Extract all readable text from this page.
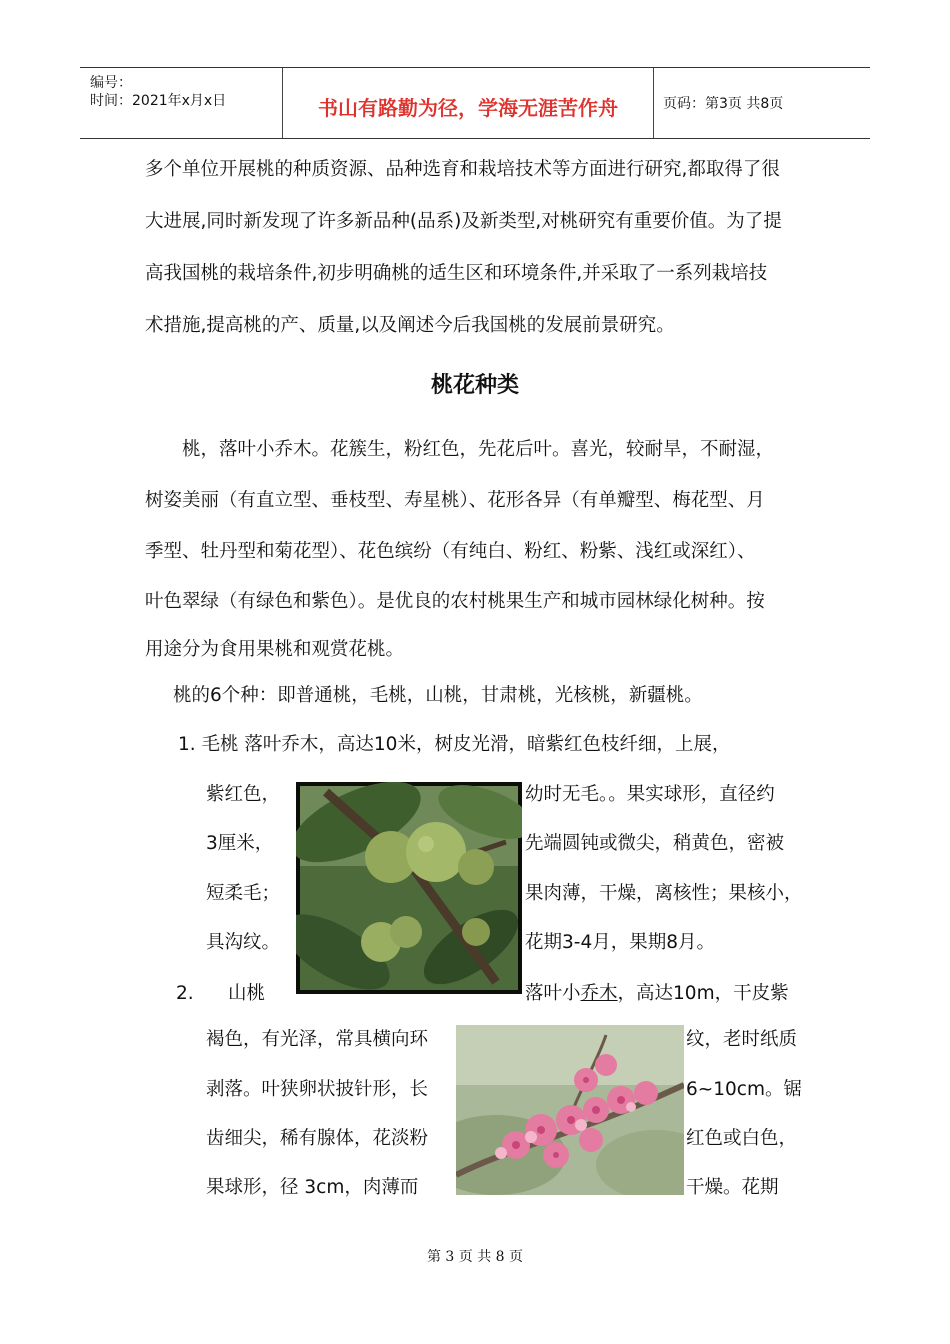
编号：
时间：2021年x月x日	书山有路勤为径，学海无涯苦作舟	页码：第3页 共8页
多个单位开展桃的种质资源、品种选育和栽培技术等方面进行研究,都取得了很
大进展,同时新发现了许多新品种(品系)及新类型,对桃研究有重要价值。为了提
高我国桃的栽培条件,初步明确桃的适生区和环境条件,并采取了一系列栽培技
术措施,提高桃的产、质量,以及阐述今后我国桃的发展前景研究。
桃花种类
桃，落叶小乔木。花簇生，粉红色，先花后叶。喜光，较耐旱，不耐湿，
树姿美丽（有直立型、垂枝型、寿星桃）、花形各异（有单瓣型、梅花型、月
季型、牡丹型和菊花型）、花色缤纷（有纯白、粉红、粉紫、浅红或深红）、
叶色翠绿（有绿色和紫色）。是优良的农村桃果生产和城市园林绿化树种。按
用途分为食用果桃和观赏花桃。
桃的6个种：即普通桃，毛桃，山桃，甘肃桃，光核桃，新疆桃。
1. 毛桃 落叶乔木，高达10米，树皮光滑，暗紫红色枝纤细，上展，
紫红色，
3厘米，
短柔毛；
具沟纹。
幼时无毛。。果实球形，直径约
先端圆钝或微尖，稍黄色，密被
果肉薄，干燥，离核性；果核小，
花期3-4月，果期8月。
2. 山桃	落叶小乔木，高达10m，干皮紫
褐色，有光泽，常具横向环
剥落。叶狭卵状披针形，长
齿细尖，稀有腺体，花淡粉
果球形，径 3cm，肉薄而
纹，老时纸质
6~10cm。锯
红色或白色，
干燥。花期
第 3 页 共 8 页
